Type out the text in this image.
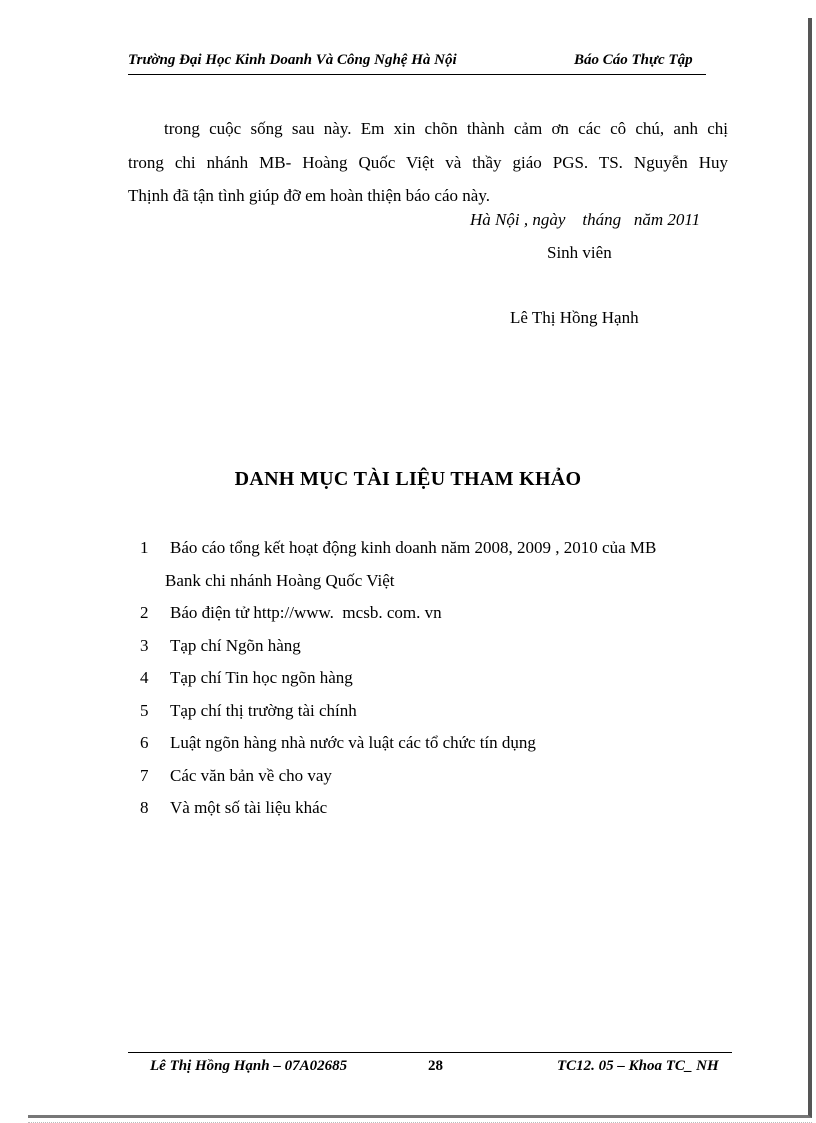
Trường Đại Học Kinh Doanh Và Công Nghệ Hà Nội	Báo Cáo Thực Tập
trong cuộc sống sau này. Em xin chõn thành cảm ơn các cô chú, anh chị
trong chi nhánh MB- Hoàng Quốc Việt và thầy giáo PGS. TS. Nguyễn Huy
Thịnh đã tận tình giúp đỡ em hoàn thiện báo cáo này.
Hà Nội , ngày    tháng   năm 2011
Sinh viên
Lê Thị Hồng Hạnh
DANH MỤC TÀI LIỆU THAM KHẢO
1	Báo cáo tổng kết hoạt động kinh doanh năm 2008, 2009 , 2010 của MB
Bank chi nhánh Hoàng Quốc Việt
2	Báo điện tử http://www.  mcsb. com. vn
3	Tạp chí Ngõn hàng
4	Tạp chí Tin học ngõn hàng
5	Tạp chí thị trường tài chính
6	Luật ngõn hàng nhà nước và luật các tổ chức tín dụng
7	Các văn bản về cho vay
8	Và một số tài liệu khác
Lê Thị Hồng Hạnh – 07A02685	28	TC12. 05 – Khoa TC_ NH
